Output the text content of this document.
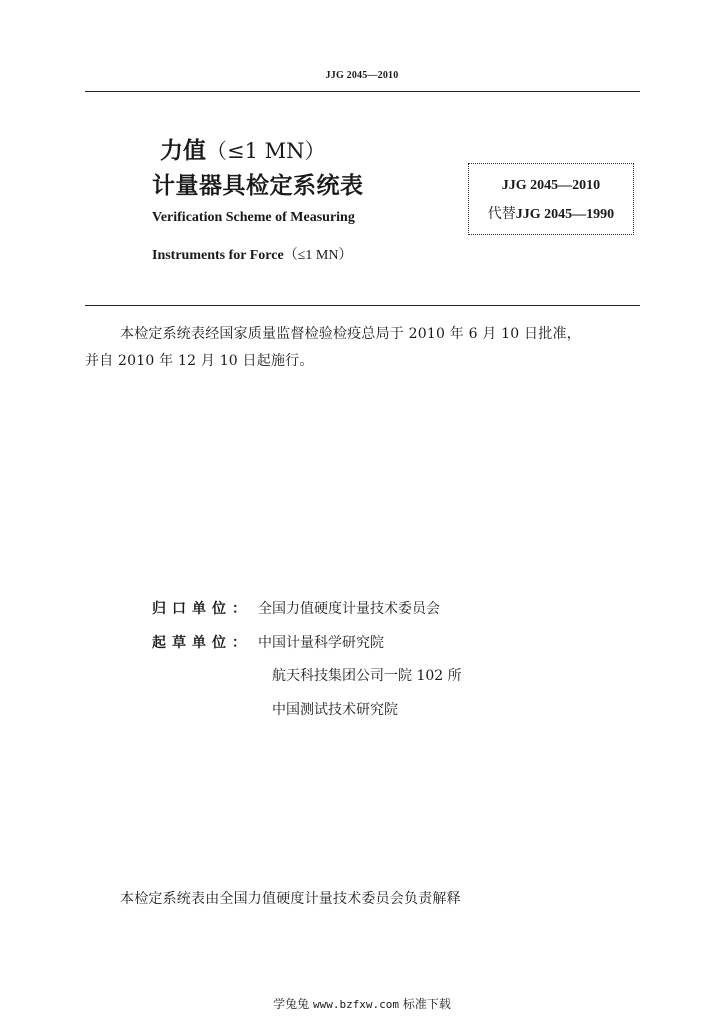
JJG 2045—2010
力值（≤1 MN）
计量器具检定系统表
Verification Scheme of Measuring
Instruments for Force（≤1 MN）
JJG 2045—2010
代替JJG 2045—1990
本检定系统表经国家质量监督检验检疫总局于 2010 年 6 月 10 日批准，
并自 2010 年 12 月 10 日起施行。
归口单位： 全国力值硬度计量技术委员会
起草单位： 中国计量科学研究院
航天科技集团公司一院 102 所
中国测试技术研究院
本检定系统表由全国力值硬度计量技术委员会负责解释
学兔兔 www.bzfxw.com 标准下载
